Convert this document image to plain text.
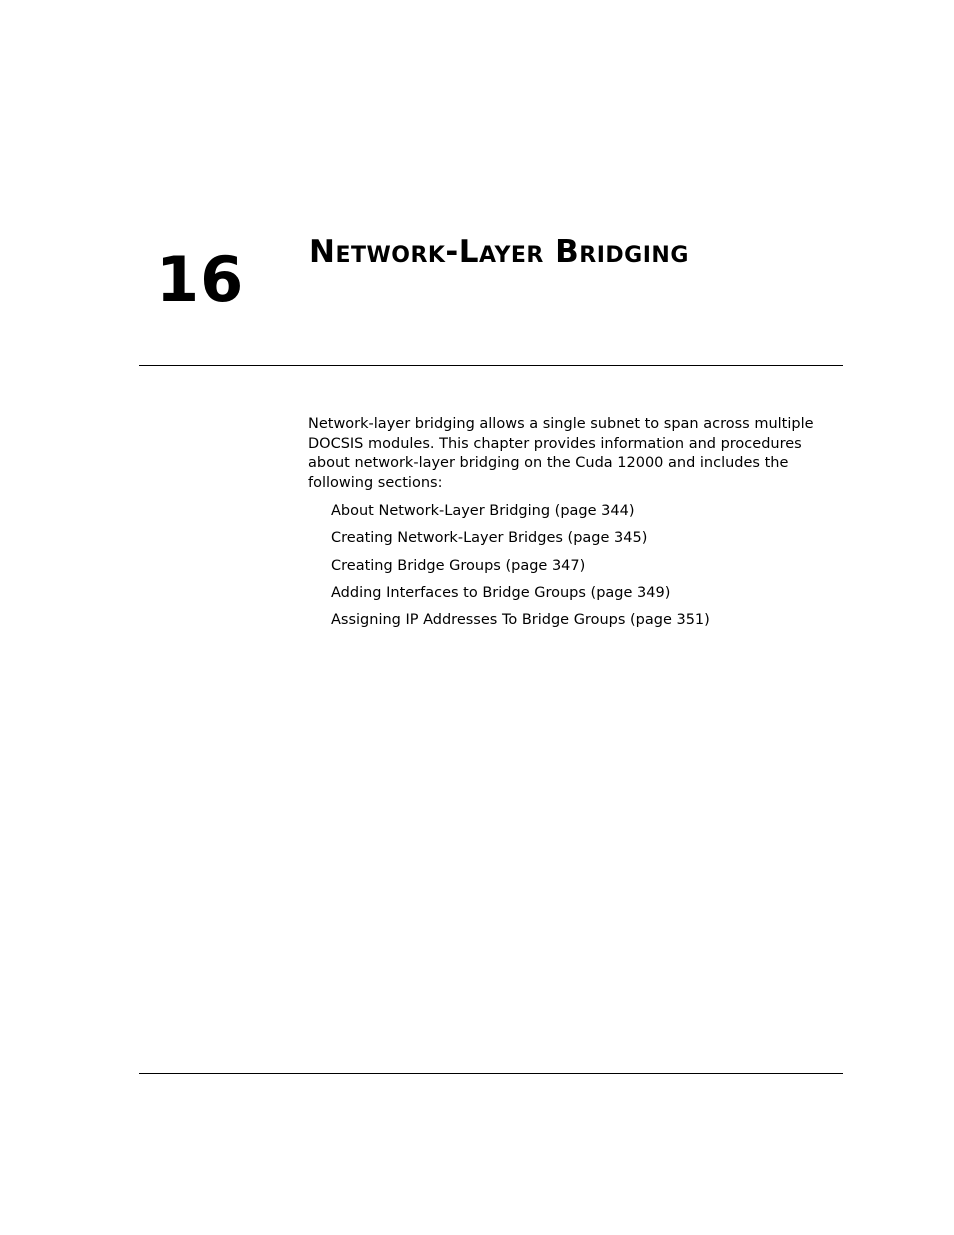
16 Network-Layer Bridging

Network-layer bridging allows a single subnet to span across multiple DOCSIS modules. This chapter provides information and procedures about network-layer bridging on the Cuda 12000 and includes the following sections:

About Network-Layer Bridging (page 344)
Creating Network-Layer Bridges (page 345)
Creating Bridge Groups (page 347)
Adding Interfaces to Bridge Groups (page 349)
Assigning IP Addresses To Bridge Groups (page 351)
